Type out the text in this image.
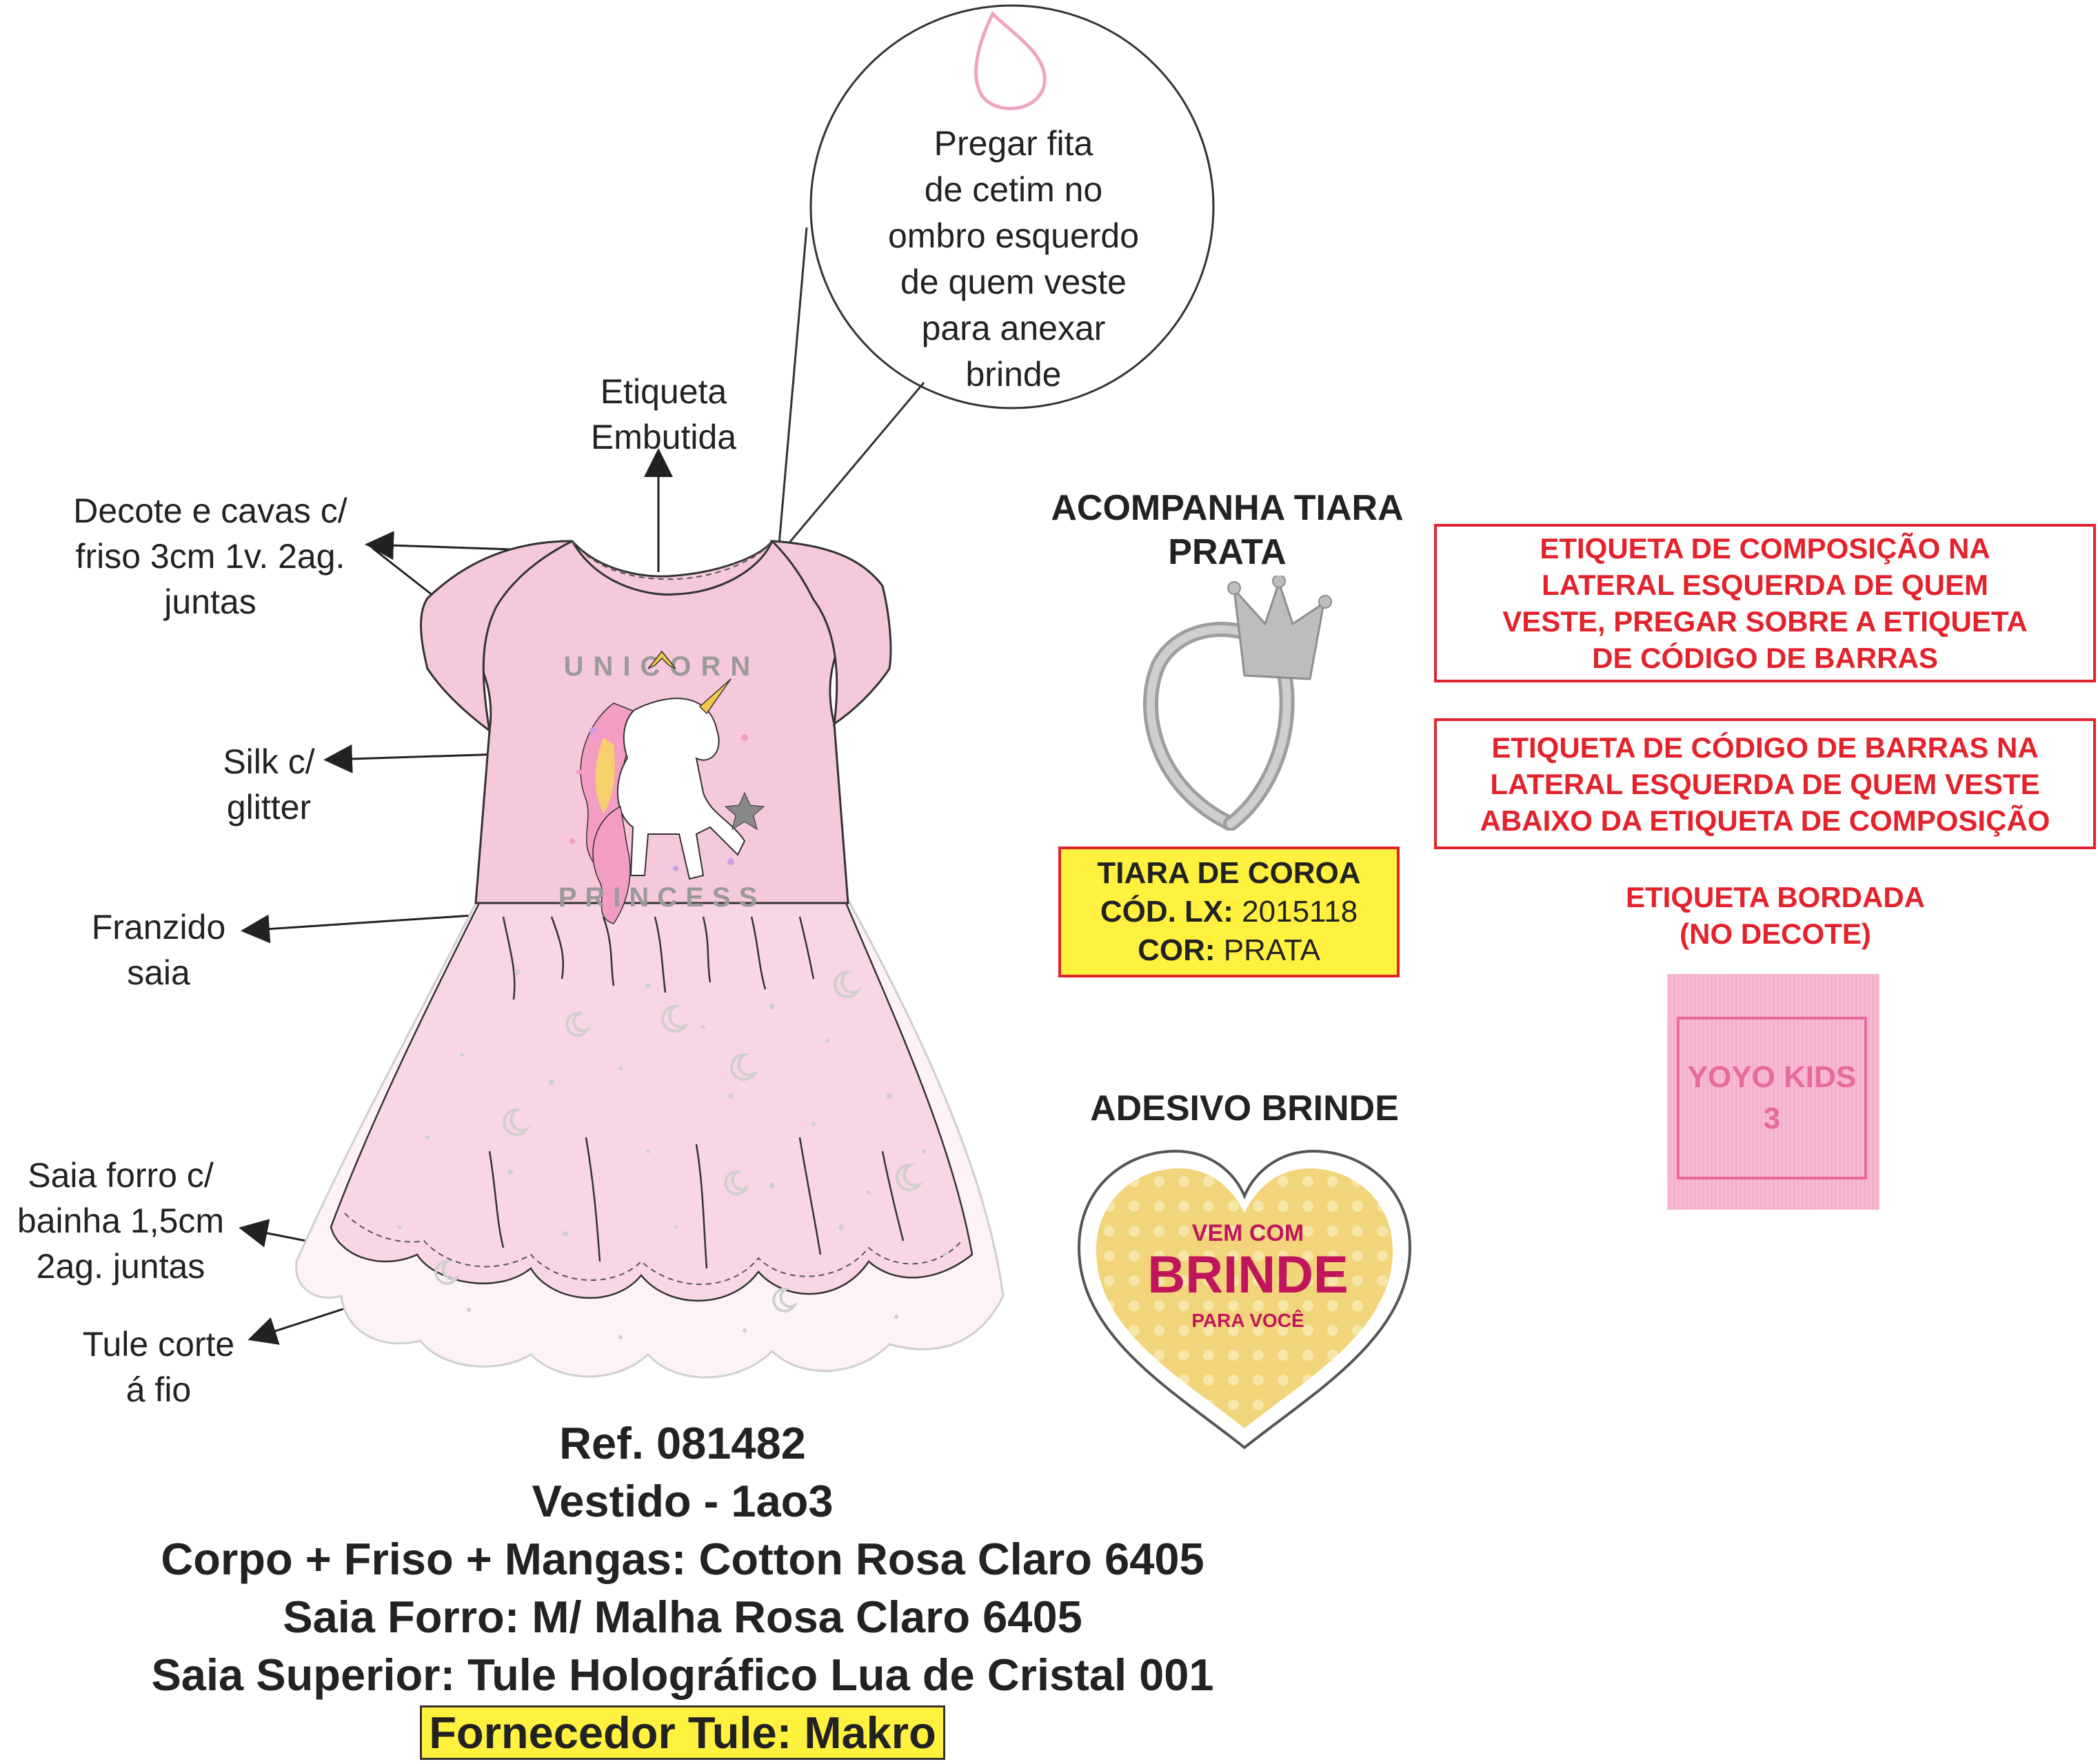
Pregar fita
de cetim no
ombro esquerdo
de quem veste
para anexar
brinde
UNICORN
PRINCESS
Etiqueta
Embutida
Decote e cavas c/
friso 3cm 1v. 2ag.
juntas
Silk c/
glitter
Franzido
saia
Saia forro c/
bainha 1,5cm
2ag. juntas
Tule corte
á fio
ACOMPANHA TIARA
PRATA
TIARA DE COROA
CÓD. LX: 2015118
COR: PRATA
ADESIVO BRINDE
VEM COM
BRINDE
PARA VOCÊ
ETIQUETA DE COMPOSIÇÃO NA
LATERAL ESQUERDA DE QUEM
VESTE, PREGAR SOBRE A ETIQUETA
DE CÓDIGO DE BARRAS
ETIQUETA DE CÓDIGO DE BARRAS NA
LATERAL ESQUERDA DE QUEM VESTE
ABAIXO DA ETIQUETA DE COMPOSIÇÃO
ETIQUETA BORDADA
(NO DECOTE)
YOYO KIDS
3
Ref. 081482
Vestido - 1ao3
Corpo + Friso + Mangas: Cotton Rosa Claro 6405
Saia Forro: M/ Malha Rosa Claro 6405
Saia Superior: Tule Holográfico Lua de Cristal 001
Fornecedor Tule: Makro
